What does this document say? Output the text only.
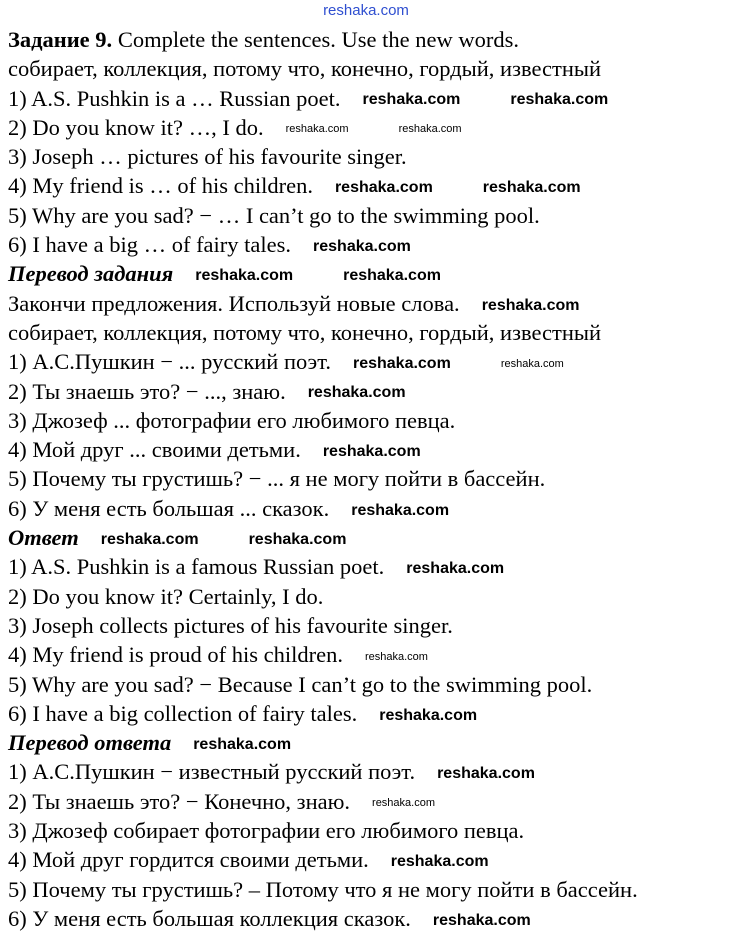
reshaka.com
Задание 9. Complete the sentences. Use the new words.
собирает, коллекция, потому что, конечно, гордый, известный
1) A.S. Pushkin is a … Russian poet. reshaka.com	reshaka.com
2) Do you know it? …, I do. reshaka.com	reshaka.com
3) Joseph … pictures of his favourite singer.
4) My friend is … of his children. reshaka.com	reshaka.com
5) Why are you sad? − … I can’t go to the swimming pool.
6) I have a big … of fairy tales. reshaka.com
Перевод задания reshaka.com	reshaka.com
Закончи предложения. Используй новые слова. reshaka.com
собирает, коллекция, потому что, конечно, гордый, известный
1) А.С.Пушкин − ... русский поэт. reshaka.com	reshaka.com
2) Ты знаешь это? − ..., знаю. reshaka.com
3) Джозеф ... фотографии его любимого певца.
4) Мой друг ... своими детьми. reshaka.com
5) Почему ты грустишь? − ... я не могу пойти в бассейн.
6) У меня есть большая ... сказок. reshaka.com
Ответ reshaka.com	reshaka.com
1) A.S. Pushkin is a famous Russian poet. reshaka.com
2) Do you know it? Certainly, I do.
3) Joseph collects pictures of his favourite singer.
4) My friend is proud of his children. reshaka.com
5) Why are you sad? − Because I can’t go to the swimming pool.
6) I have a big collection of fairy tales. reshaka.com
Перевод ответа reshaka.com
1) А.С.Пушкин − известный русский поэт. reshaka.com
2) Ты знаешь это? − Конечно, знаю. reshaka.com
3) Джозеф собирает фотографии его любимого певца.
4) Мой друг гордится своими детьми. reshaka.com
5) Почему ты грустишь? – Потому что я не могу пойти в бассейн.
6) У меня есть большая коллекция сказок. reshaka.com
